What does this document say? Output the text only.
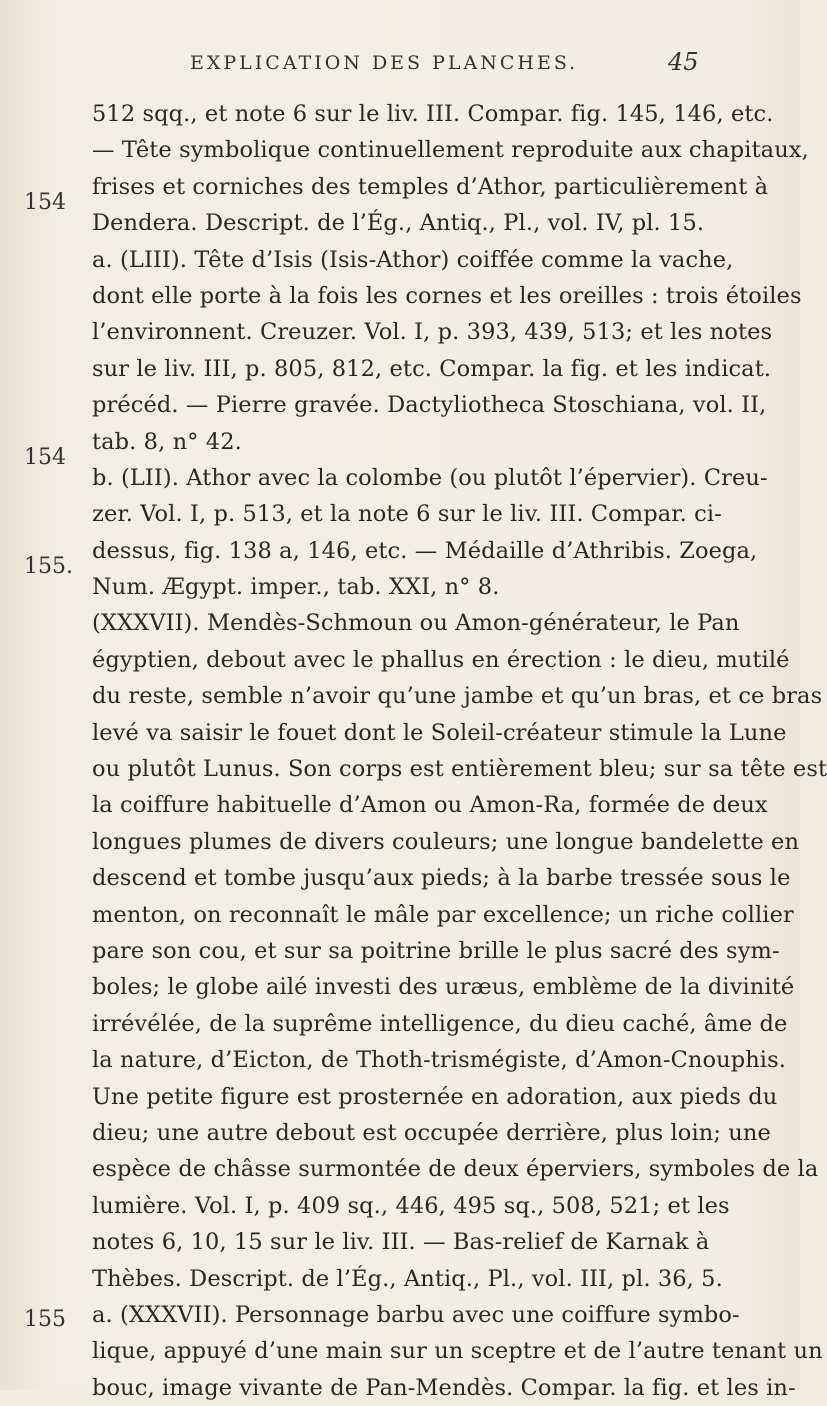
EXPLICATION DES PLANCHES.	45
154
154
155.
155
512 sqq., et note 6 sur le liv. III. Compar. fig. 145, 146, etc.
— Tête symbolique continuellement reproduite aux chapitaux,
frises et corniches des temples d’Athor, particulièrement à
Dendera. Descript. de l’Ég., Antiq., Pl., vol. IV, pl. 15.
a. (LIII). Tête d’Isis (Isis-Athor) coiffée comme la vache,
dont elle porte à la fois les cornes et les oreilles : trois étoiles
l’environnent. Creuzer. Vol. I, p. 393, 439, 513; et les notes
sur le liv. III, p. 805, 812, etc. Compar. la fig. et les indicat.
précéd. — Pierre gravée. Dactyliotheca Stoschiana, vol. II,
tab. 8, n° 42.
b. (LII). Athor avec la colombe (ou plutôt l’épervier). Creu-
zer. Vol. I, p. 513, et la note 6 sur le liv. III. Compar. ci-
dessus, fig. 138 a, 146, etc. — Médaille d’Athribis. Zoega,
Num. Ægypt. imper., tab. XXI, n° 8.
(XXXVII). Mendès-Schmoun ou Amon-générateur, le Pan
égyptien, debout avec le phallus en érection : le dieu, mutilé
du reste, semble n’avoir qu’une jambe et qu’un bras, et ce bras
levé va saisir le fouet dont le Soleil-créateur stimule la Lune
ou plutôt Lunus. Son corps est entièrement bleu; sur sa tête est
la coiffure habituelle d’Amon ou Amon-Ra, formée de deux
longues plumes de divers couleurs; une longue bandelette en
descend et tombe jusqu’aux pieds; à la barbe tressée sous le
menton, on reconnaît le mâle par excellence; un riche collier
pare son cou, et sur sa poitrine brille le plus sacré des sym-
boles; le globe ailé investi des uræus, emblème de la divinité
irrévélée, de la suprême intelligence, du dieu caché, âme de
la nature, d’Eicton, de Thoth-trismégiste, d’Amon-Cnouphis.
Une petite figure est prosternée en adoration, aux pieds du
dieu; une autre debout est occupée derrière, plus loin; une
espèce de châsse surmontée de deux éperviers, symboles de la
lumière. Vol. I, p. 409 sq., 446, 495 sq., 508, 521; et les
notes 6, 10, 15 sur le liv. III. — Bas-relief de Karnak à
Thèbes. Descript. de l’Ég., Antiq., Pl., vol. III, pl. 36, 5.
a. (XXXVII). Personnage barbu avec une coiffure symbo-
lique, appuyé d’une main sur un sceptre et de l’autre tenant un
bouc, image vivante de Pan-Mendès. Compar. la fig. et les in-
